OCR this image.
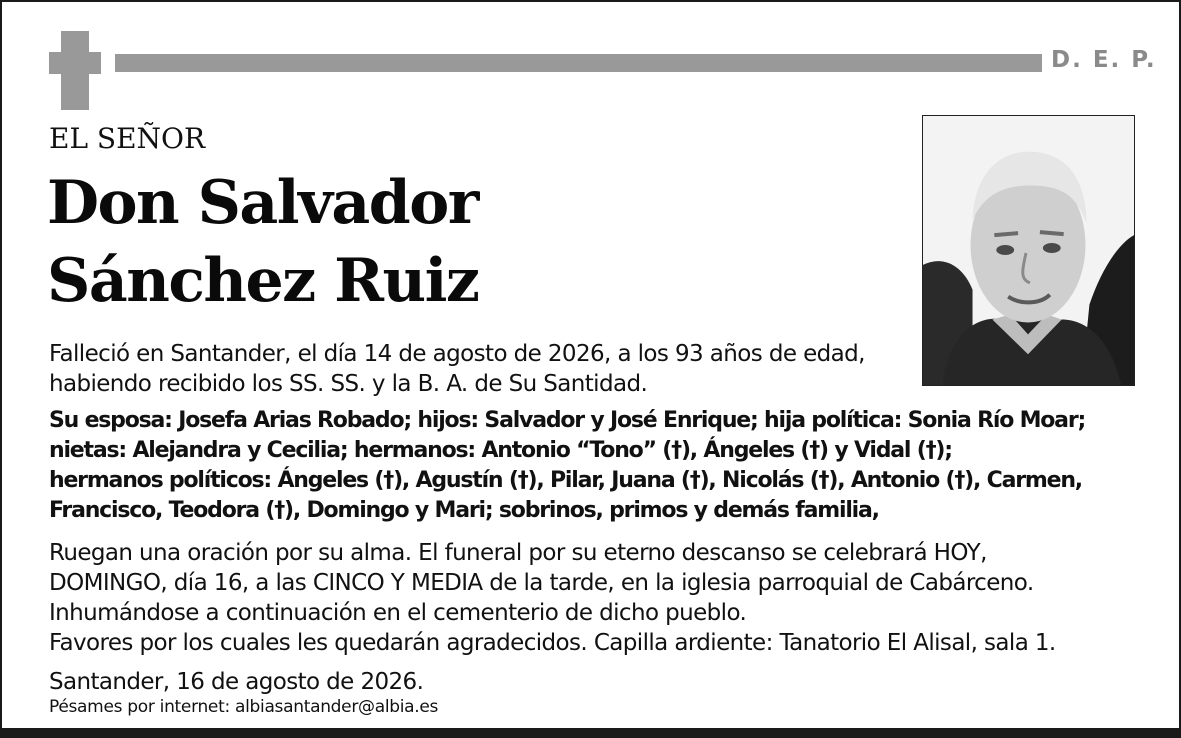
D. E. P.
EL SEÑOR
Don Salvador
Sánchez Ruiz
Falleció en Santander, el día 14 de agosto de 2026, a los 93 años de edad,
habiendo recibido los SS. SS. y la B. A. de Su Santidad.
Su esposa: Josefa Arias Robado; hijos: Salvador y José Enrique; hija política: Sonia Río Moar;
nietas: Alejandra y Cecilia; hermanos: Antonio “Tono” (†), Ángeles (†) y Vidal (†);
hermanos políticos: Ángeles (†), Agustín (†), Pilar, Juana (†), Nicolás (†), Antonio (†), Carmen,
Francisco, Teodora (†), Domingo y Mari; sobrinos, primos y demás familia,
Ruegan una oración por su alma. El funeral por su eterno descanso se celebrará HOY,
DOMINGO, día 16, a las CINCO Y MEDIA de la tarde, en la iglesia parroquial de Cabárceno.
Inhumándose a continuación en el cementerio de dicho pueblo.
Favores por los cuales les quedarán agradecidos. Capilla ardiente: Tanatorio El Alisal, sala 1.
Santander, 16 de agosto de 2026.
Pésames por internet: albiasantander@albia.es
